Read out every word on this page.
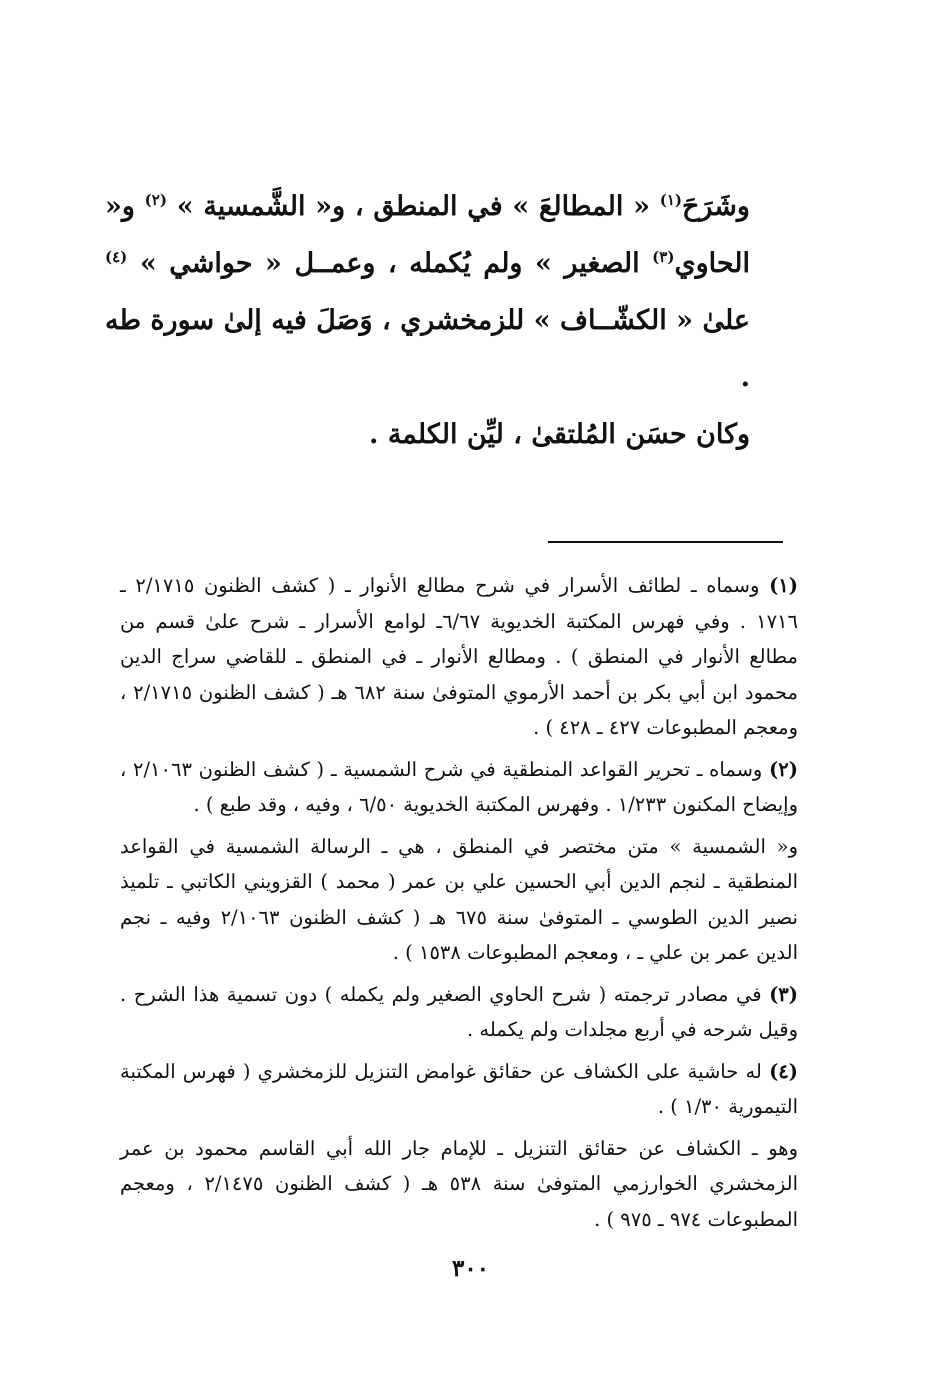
وشَرَحَ$^{(١)}$ « المطالعَ » في المنطق ، و« الشَّمسية » $^{(٢)}$ و« الحاوي$^{(٣)}$ الصغير » ولم يُكمله ، وعمــل « حواشي » $^{(٤)}$ علىٰ « الكشّــاف » للزمخشري ، وَصَلَ فيه إلىٰ سورة طه .

وكان حسَن المُلتقىٰ ، ليِّن الكلمة .

(١) وسماه ـ لطائف الأسرار في شرح مطالع الأنوار ـ ( كشف الظنون ٢/١٧١٥ ـ ١٧١٦ . وفي فهرس المكتبة الخديوية ٦/٦٧ـ لوامع الأسرار ـ شرح علىٰ قسم من مطالع الأنوار في المنطق ) . ومطالع الأنوار ـ في المنطق ـ للقاضي سراج الدين محمود ابن أبي بكر بن أحمد الأرموي المتوفىٰ سنة ٦٨٢ هـ ( كشف الظنون ٢/١٧١٥ ، ومعجم المطبوعات ٤٢٧ ـ ٤٢٨ ) .

(٢) وسماه ـ تحرير القواعد المنطقية في شرح الشمسية ـ ( كشف الظنون ٢/١٠٦٣ ، وإيضاح المكنون ١/٢٣٣ . وفهرس المكتبة الخديوية ٦/٥٠ ، وفيه ، وقد طبع ) .

و« الشمسية » متن مختصر في المنطق ، هي ـ الرسالة الشمسية في القواعد المنطقية ـ لنجم الدين أبي الحسين علي بن عمر ( محمد ) القزويني الكاتبي ـ تلميذ نصير الدين الطوسي ـ المتوفىٰ سنة ٦٧٥ هـ ( كشف الظنون ٢/١٠٦٣ وفيه ـ نجم الدين عمر بن علي ـ ، ومعجم المطبوعات ١٥٣٨ ) .

(٣) في مصادر ترجمته ( شرح الحاوي الصغير ولم يكمله ) دون تسمية هذا الشرح . وقيل شرحه في أربع مجلدات ولم يكمله .

(٤) له حاشية على الكشاف عن حقائق غوامض التنزيل للزمخشري ( فهرس المكتبة التيمورية ١/٣٠ ) .

وهو ـ الكشاف عن حقائق التنزيل ـ للإمام جار الله أبي القاسم محمود بن عمر الزمخشري الخوارزمي المتوفىٰ سنة ٥٣٨ هـ ( كشف الظنون ٢/١٤٧٥ ، ومعجم المطبوعات ٩٧٤ ـ ٩٧٥ ) .

٣٠٠
